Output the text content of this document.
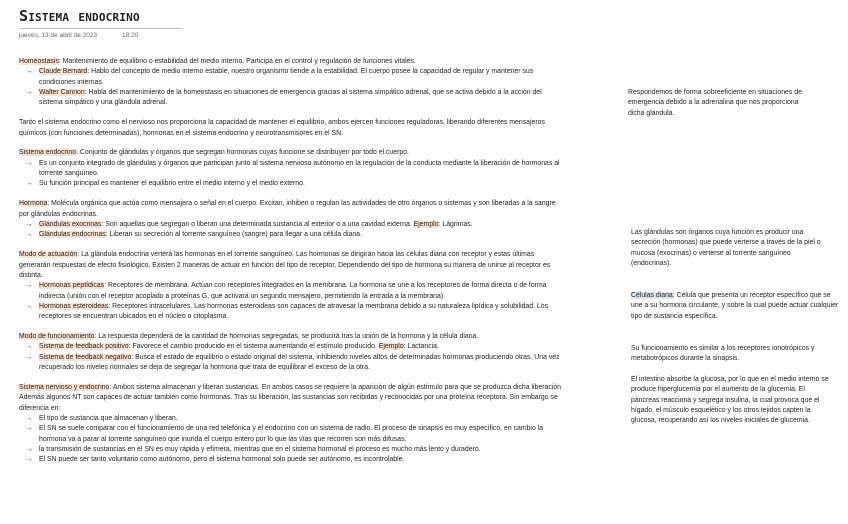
Sistema endocrino
jueves, 13 de abril de 2023	18:20

Homeostasis: Mantenimiento de equilibrio o estabilidad del medio interno. Participa en el control y regulación de funciones vitales.

→ Claude Bernard: Hablo del concepto de medio interno estable, nuestro organismo tiende a la estabilidad. El cuerpo posee la capacidad de regular y mantener sus condiciones internas.
→ Walter Cannon: Habla del mantenimiento de la homeostasis en situaciones de emergencia gracias al sistema simpático adrenal, que se activa debido a la acción del sistema simpático y una glándula adrenal.

Tanto el sistema endocrino como el nervioso nos proporciona la capacidad de mantener el equilibrio, ambos ejercen funciones reguladoras, liberando diferentes mensajeros químicos (con funciones determinadas), hormonas en el sistema endocrino y neurotransmisores en el SN.

Sistema endocrino: Conjunto de glándulas y órganos que segregan hormonas cuyas funcione se distribuyen por todo el cuerpo.

→ Es un conjunto integrado de glándulas y órganos que participan junto al sistema nervioso autónomo en la regulación de la conducta mediante la liberación de hormonas al torrente sanguíneo.
→ Su función principal es mantener el equilibrio entre el medio interno y el medio externo.

Hormona: Molécula orgánica que actúa como mensajera o señal en el cuerpo. Excitan, inhiben o regulan las actividades de otro órganos o sistemas y son liberadas a la sangre por glándulas endocrinas.

→ Glándulas exocrinas: Son aquellas que segregan o liberan una determinada sustancia al exterior o a una cavidad externa. Ejemplo: Lágrimas.
→ Glándulas endocrinas: Liberan su secreción al torrente sanguíneo (sangre) para llegar a una célula diana.

Modo de actuación: La glándula endocrina verterá las hormonas en el torrente sanguíneo. Las hormonas se dirigirán hacia las células diana con receptor y estas últimas generarán respuestas de efecto fisiológico. Existen 2 maneras de actuar en función del tipo de receptor, Dependiendo del tipo de hormona su manera de unirse al receptor es distinta.

→ Hormonas peptídicas: Receptores de membrana. Actúan con receptores integrados en la membrana. La hormona se une a los receptores de forma directa o de forma indirecta (unión con el receptor acoplado a proteínas G, que activará un segundo mensajero, permitiendo la entrada a la membrana).
→ Hormonas esteroideas: Receptores intracelulares. Las hormonas esteroideas son capaces de atravesar la membrana debido a su naturaleza lipídica y solubilidad. Los receptores se encuentran ubicados en el núcleo o citoplasma.

Modo de funcionamiento: La respuesta dependerá de la cantidad de hormonas segregadas, se producirá tras la unión de la hormona y la célula diana.

→ Sistema de feedback positivo: Favorece el cambio producido en el sistema aumentando el estímulo producido. Ejemplo: Lactancia.
→ Sistema de feedback negativo: Busca el estado de equilibrio o estado original del sistema, inhibiendo niveles altos de determinadas hormonas produciendo otras. Una vez recuperado los niveles normales se deja de segregar la hormona que trata de equilibrar el exceso de la otra.

Sistema nervioso y endocrino: Ambos sistema almacenan y liberan sustancias. En ambos casos se requiere la aparición de algún estímulo para que se produzca dicha liberación. Además algunos NT son capaces de actuar también como hormonas. Tras su liberación, las sustancias son recibidas y reconocidas por una proteína receptora. Sin embargo se diferencia en:

→ El tipo de sustancia que almacenan y liberan.
→ El SN se suele comparar con el funcionamiento de una red telefónica y el endocrino con un sistema de radio. El proceso de sinapsis es muy específico, en cambio la hormona va a parar al torrente sanguíneo que inunda el cuerpo entero por lo que las vías que recorren son más difusas.
→ la transmisión de sustancias en el SN es muy rápida y efímera, mientras que en el sistema hormonal el proceso es mucho más lento y duradero.
→ El SN puede ser tanto voluntario como autónomo, pero el sistema hormonal solo puede ser autónomo, es incontrolable.

Respondemos de forma sobreeficiente en situaciones de emergencia debido a la adrenalina que nos proporciona dicha glándula.

Las glándulas son órganos cuya función es producir una secreción (hormonas) que puede verterse a través de la piel o mucosa (exocrinas) o verterse al torrente sanguíneo (endocrinas).

Células diana: Célula que presenta un receptor específico que se une a su hormona circulante, y sobre la cual puede actuar cualquier tipo de sustancia específica.

Su funcionamiento es similar a los receptores ionotrópicos y metabotrópicos durante la sinapsis.

El intestino absorbe la glucosa, por lo que en el medio interno se produce hiperglucemia por el aumento de la glucemia. El páncreas reacciona y segrega insulina, la cual provoca que el hígado, el músculo esquelético y los otros tejidos capten la glucosa, recuperando así los niveles iniciales de glucemia.
